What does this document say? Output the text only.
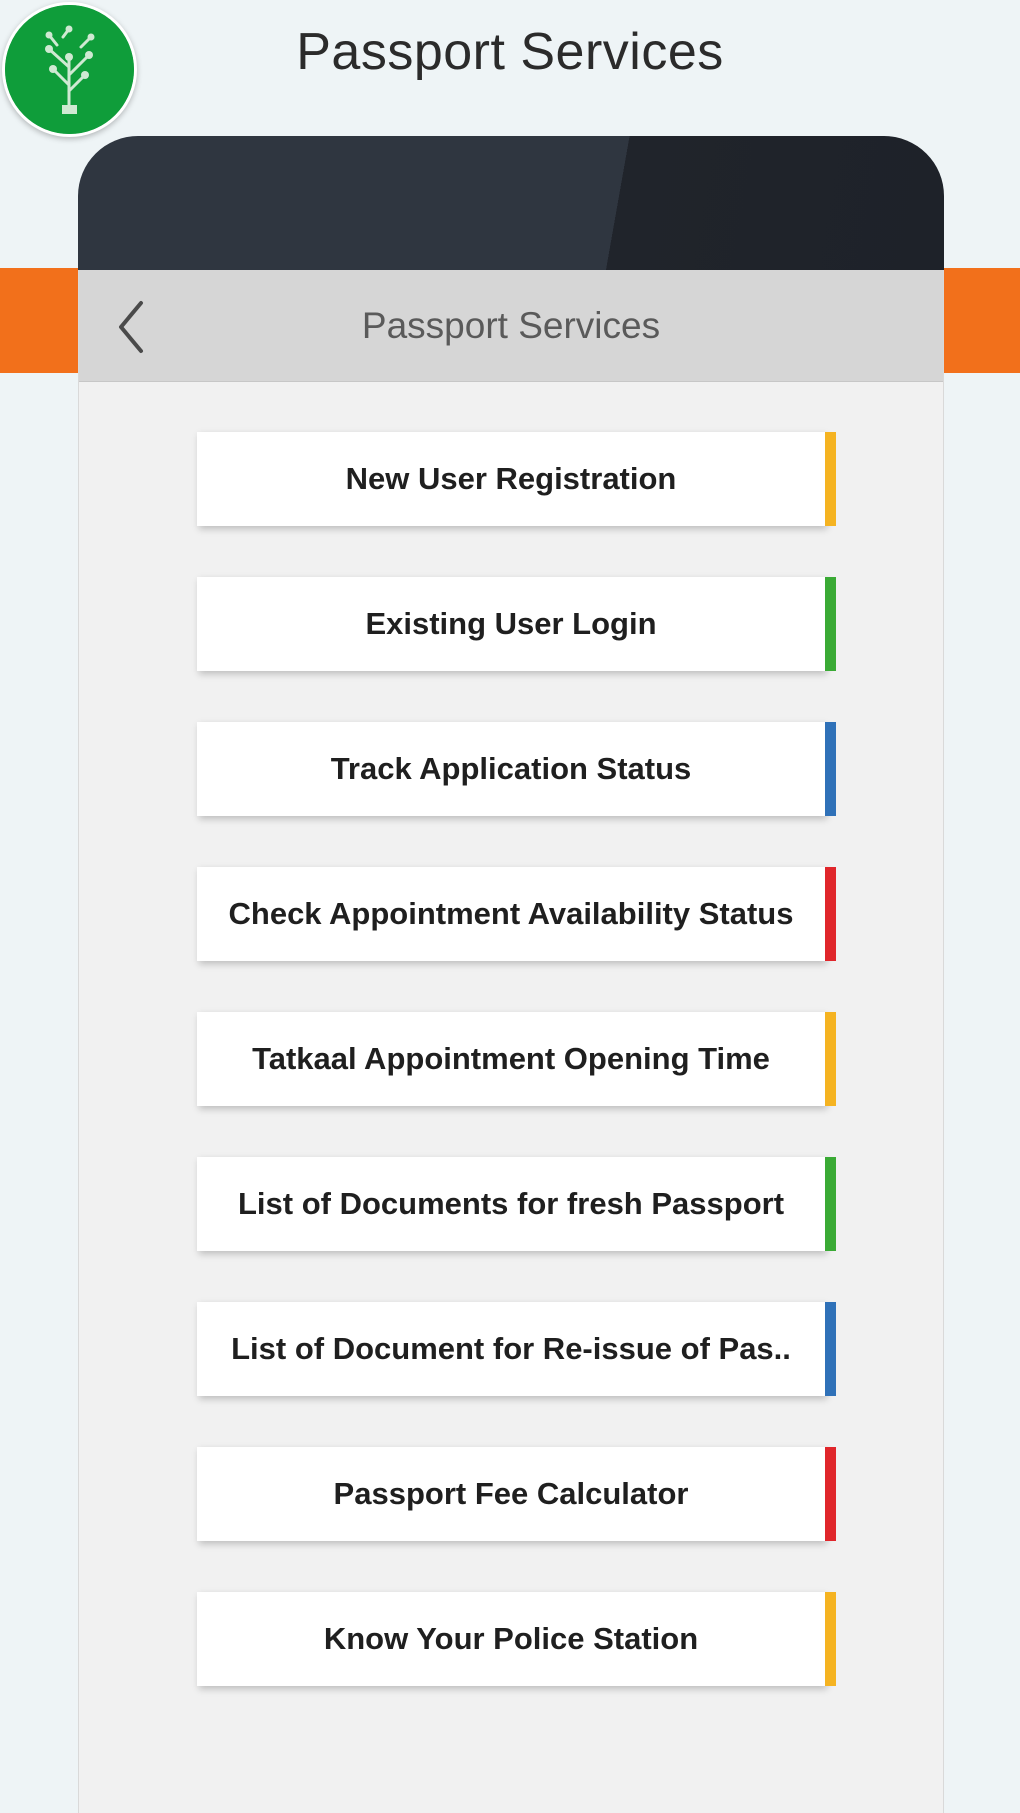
Passport Services
Passport Services
New User Registration
Existing User Login
Track Application Status
Check Appointment Availability Status
Tatkaal Appointment Opening Time
List of Documents for fresh Passport
List of Document for Re-issue of Pas..
Passport Fee Calculator
Know Your Police Station
